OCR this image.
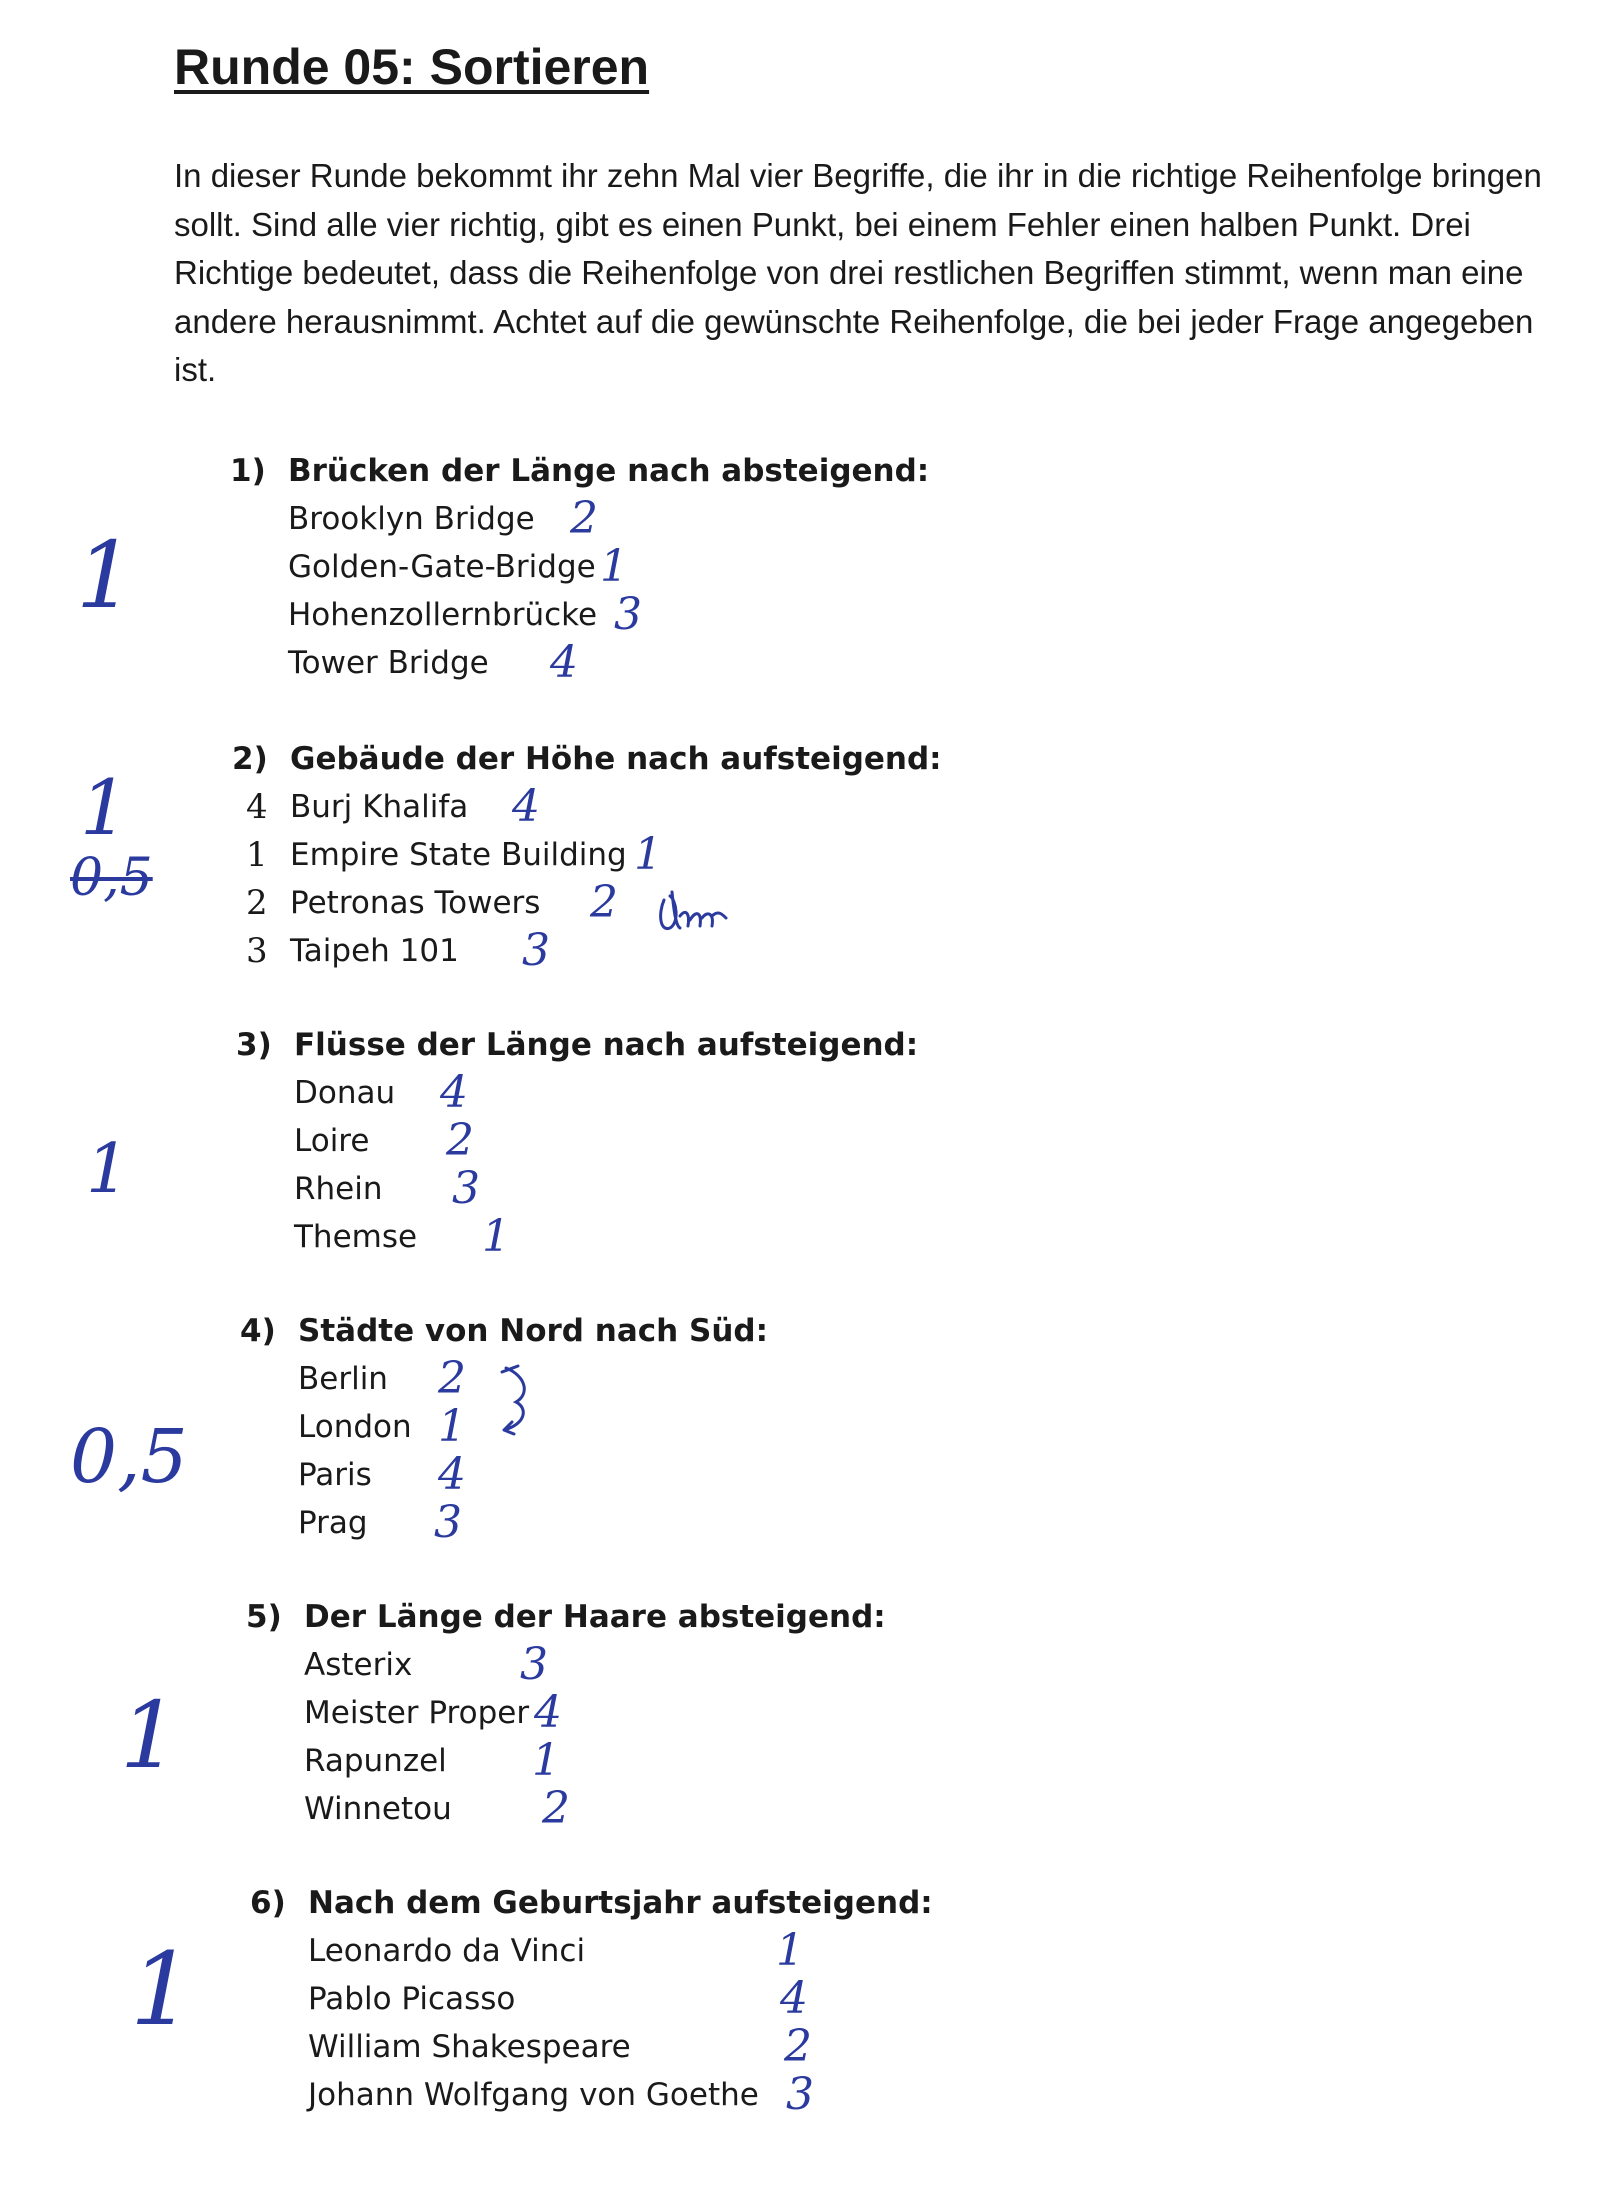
Runde 05: Sortieren

In dieser Runde bekommt ihr zehn Mal vier Begriffe, die ihr in die richtige Reihenfolge bringen sollt. Sind alle vier richtig, gibt es einen Punkt, bei einem Fehler einen halben Punkt. Drei Richtige bedeutet, dass die Reihenfolge von drei restlichen Begriffen stimmt, wenn man eine andere herausnimmt. Achtet auf die gewünschte Reihenfolge, die bei jeder Frage angegeben ist.

1) Brücken der Länge nach absteigend:
Brooklyn Bridge 2
Golden-Gate-Bridge 1
Hohenzollernbrücke 3
Tower Bridge 4
1
2) Gebäude der Höhe nach aufsteigend:
4 Burj Khalifa 4
1 Empire State Building 1
2 Petronas Towers 2
3 Taipeh 101 3
1
0,5
3) Flüsse der Länge nach aufsteigend:
Donau 4
Loire 2
Rhein 3
Themse 1
1
4) Städte von Nord nach Süd:
Berlin 2
London 1
Paris 4
Prag 3
0,5
5) Der Länge der Haare absteigend:
Asterix 3
Meister Proper 4
Rapunzel 1
Winnetou 2
1
6) Nach dem Geburtsjahr aufsteigend:
Leonardo da Vinci	1
Pablo Picasso	4
William Shakespeare	2
Johann Wolfgang von Goethe 3
1
